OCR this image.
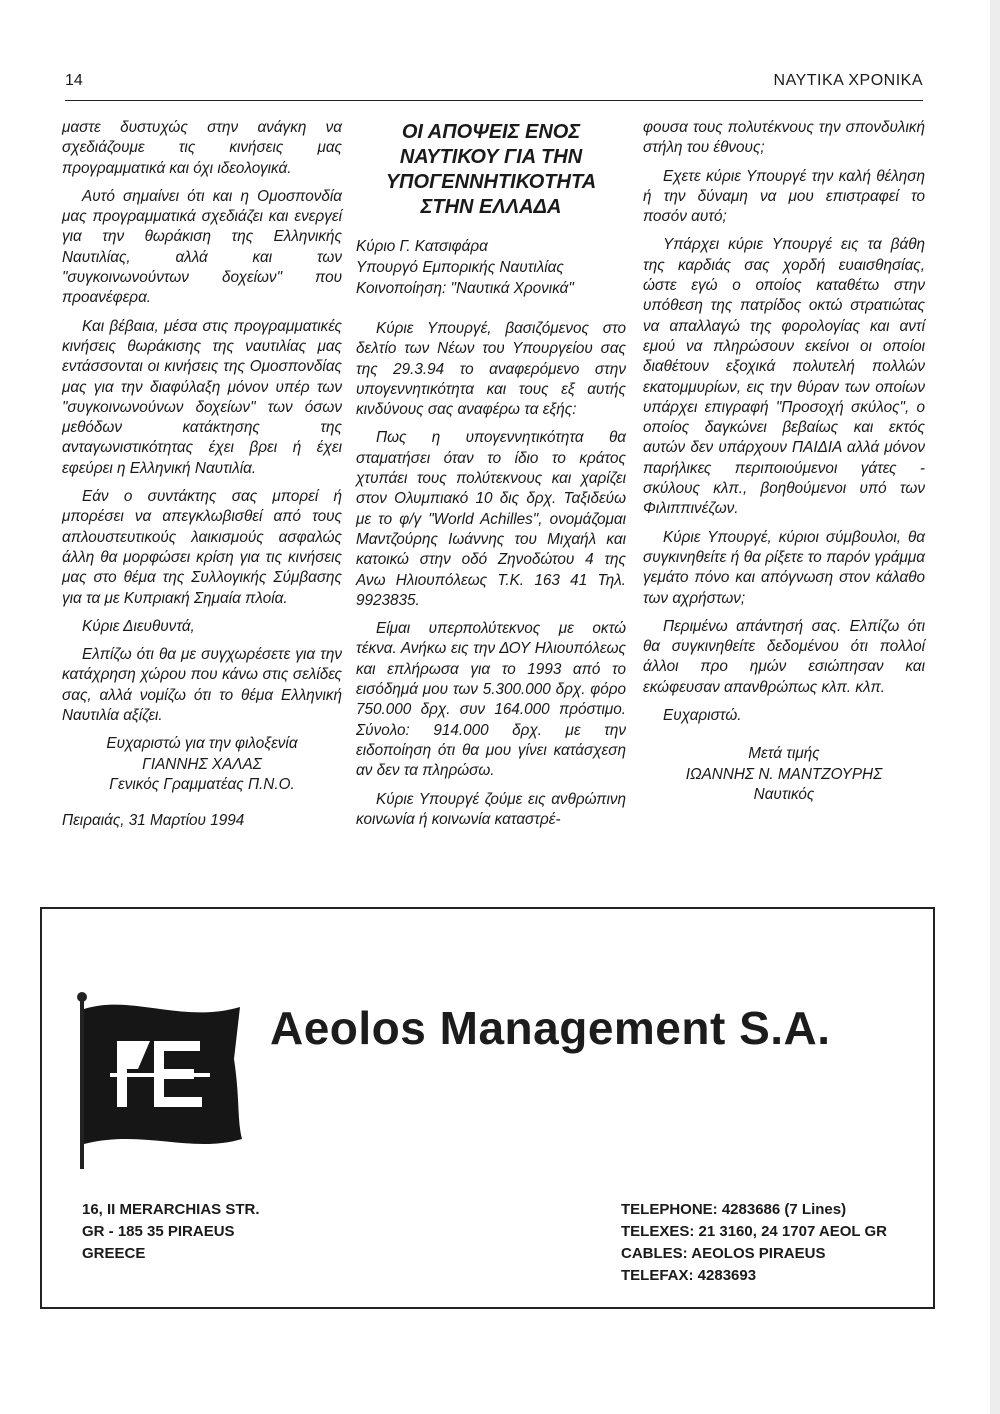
14	ΝΑΥΤΙΚΑ ΧΡΟΝΙΚΑ

μαστε δυστυχώς στην ανάγκη να σχεδιάζουμε τις κινήσεις μας προγραμματικά και όχι ιδεολογικά.

Αυτό σημαίνει ότι και η Ομοσπονδία μας προγραμματικά σχεδιάζει και ενεργεί για την θωράκιση της Ελληνικής Ναυτιλίας, αλλά και των "συγκοινωνούντων δοχείων" που προανέφερα.

Και βέβαια, μέσα στις προγραμματικές κινήσεις θωράκισης της ναυτιλίας μας εντάσσονται οι κινήσεις της Ομοσπονδίας μας για την διαφύλαξη μόνον υπέρ των "συγκοινωνούνων δοχείων" των όσων μεθόδων κατάκτησης της ανταγωνιστικότητας έχει βρει ή έχει εφεύρει η Ελληνική Ναυτιλία.

Εάν ο συντάκτης σας μπορεί ή μπορέσει να απεγκλωβισθεί από τους απλουστευτικούς λαικισμούς ασφαλώς άλλη θα μορφώσει κρίση για τις κινήσεις μας στο θέμα της Συλλογικής Σύμβασης για τα με Κυπριακή Σημαία πλοία.

Κύριε Διευθυντά,

Ελπίζω ότι θα με συγχωρέσετε για την κατάχρηση χώρου που κάνω στις σελίδες σας, αλλά νομίζω ότι το θέμα Ελληνική Ναυτιλία αξίζει.

Ευχαριστώ για την φιλοξενία
ΓΙΑΝΝΗΣ ΧΑΛΑΣ
Γενικός Γραμματέας Π.Ν.Ο.

Πειραιάς, 31 Μαρτίου 1994

ΟΙ ΑΠΟΨΕΙΣ ΕΝΟΣ
ΝΑΥΤΙΚΟΥ ΓΙΑ ΤΗΝ
ΥΠΟΓΕΝΝΗΤΙΚΟΤΗΤΑ
ΣΤΗΝ ΕΛΛΑΔΑ

Κύριο Γ. Κατσιφάρα
Υπουργό Εμπορικής Ναυτιλίας
Κοινοποίηση: "Ναυτικά Χρονικά"

Κύριε Υπουργέ, βασιζόμενος στο δελτίο των Νέων του Υπουργείου σας της 29.3.94 το αναφερόμενο στην υπογεννητικότητα και τους εξ αυτής κινδύνους σας αναφέρω τα εξής:

Πως η υπογεννητικότητα θα σταματήσει όταν το ίδιο το κράτος χτυπάει τους πολύτεκνους και χαρίζει στον Ολυμπιακό 10 δις δρχ. Ταξιδεύω με το φ/γ "World Achilles", ονομάζομαι Μαντζούρης Ιωάννης του Μιχαήλ και κατοικώ στην οδό Ζηνοδώτου 4 της Ανω Ηλιουπόλεως Τ.Κ. 163 41 Τηλ. 9923835.

Είμαι υπερπολύτεκνος με οκτώ τέκνα. Ανήκω εις την ΔΟΥ Ηλιουπόλεως και επλήρωσα για το 1993 από το εισόδημά μου των 5.300.000 δρχ. φόρο 750.000 δρχ. συν 164.000 πρόστιμο. Σύνολο: 914.000 δρχ. με την ειδοποίηση ότι θα μου γίνει κατάσχεση αν δεν τα πληρώσω.

Κύριε Υπουργέ ζούμε εις ανθρώπινη κοινωνία ή κοινωνία καταστρέ-

φουσα τους πολυτέκνους την σπονδυλική στήλη του έθνους;

Εχετε κύριε Υπουργέ την καλή θέληση ή την δύναμη να μου επιστραφεί το ποσόν αυτό;

Υπάρχει κύριε Υπουργέ εις τα βάθη της καρδιάς σας χορδή ευαισθησίας, ώστε εγώ ο οποίος καταθέτω στην υπόθεση της πατρίδος οκτώ στρατιώτας να απαλλαγώ της φορολογίας και αντί εμού να πληρώσουν εκείνοι οι οποίοι διαθέτουν εξοχικά πολυτελή πολλών εκατομμυρίων, εις την θύραν των οποίων υπάρχει επιγραφή "Προσοχή σκύλος", ο οποίος δαγκώνει βεβαίως και εκτός αυτών δεν υπάρχουν ΠΑΙΔΙΑ αλλά μόνον παρήλικες περιποιούμενοι γάτες - σκύλους κλπ., βοηθούμενοι υπό των Φιλιππινέζων.

Κύριε Υπουργέ, κύριοι σύμβουλοι, θα συγκινηθείτε ή θα ρίξετε το παρόν γράμμα γεμάτο πόνο και απόγνωση στον κάλαθο των αχρήστων;

Περιμένω απάντησή σας. Ελπίζω ότι θα συγκινηθείτε δεδομένου ότι πολλοί άλλοι προ ημών εσιώπησαν και εκώφευσαν απανθρώπως κλπ. κλπ.

Ευχαριστώ.

Μετά τιμής
ΙΩΑΝΝΗΣ Ν. ΜΑΝΤΖΟΥΡΗΣ
Ναυτικός
Aeolos Management S.A.
16, II MERARCHIAS STR.
GR - 185 35 PIRAEUS
GREECE
TELEPHONE: 4283686 (7 Lines)
TELEXES: 21 3160, 24 1707 AEOL GR
CABLES: AEOLOS PIRAEUS
TELEFAX: 4283693
